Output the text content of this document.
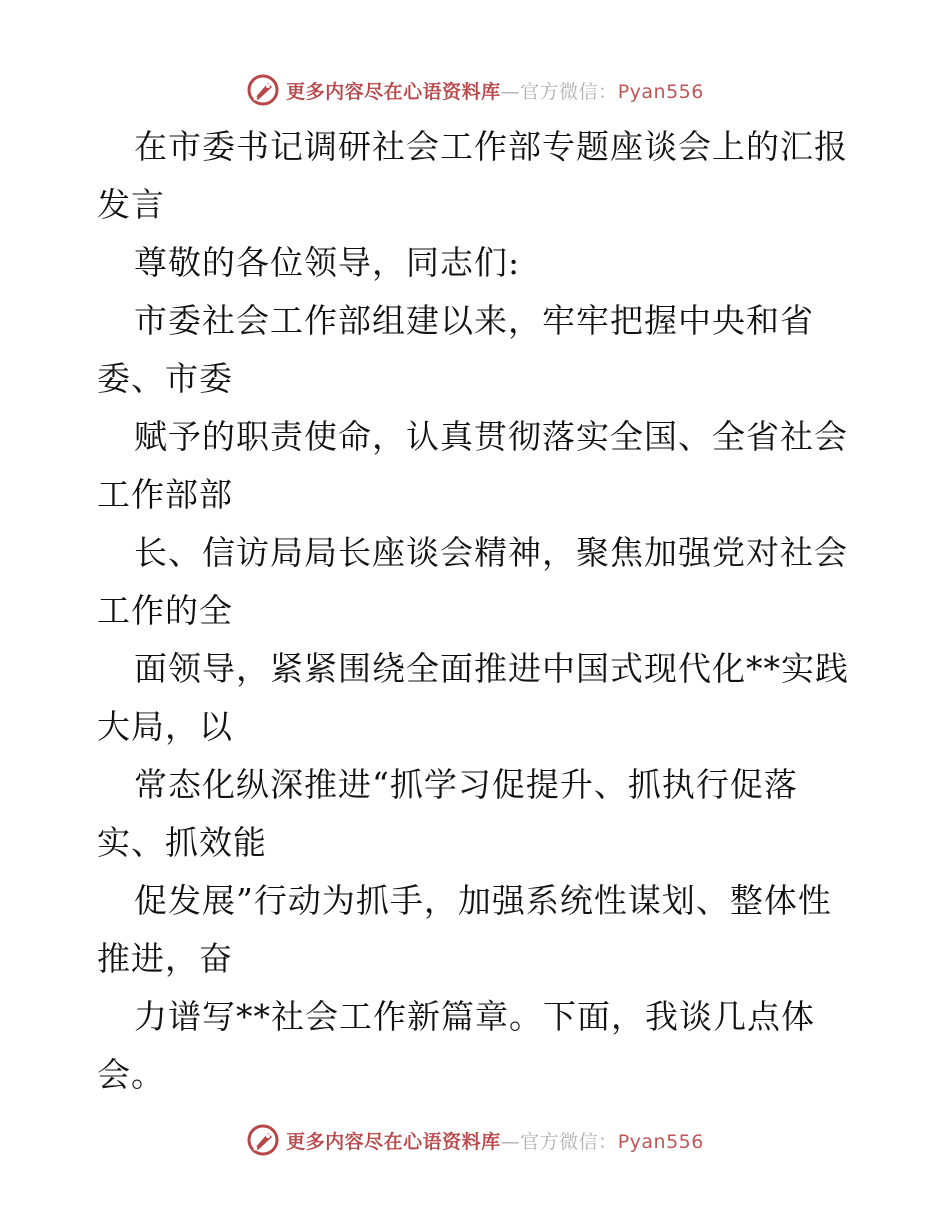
更多内容尽在心语资料库—官方微信：Pyan556
在市委书记调研社会工作部专题座谈会上的汇报
发言
尊敬的各位领导，同志们:
市委社会工作部组建以来，牢牢把握中央和省
委、市委
赋予的职责使命，认真贯彻落实全国、全省社会
工作部部
长、信访局局长座谈会精神，聚焦加强党对社会
工作的全
面领导，紧紧围绕全面推进中国式现代化**实践
大局，以
常态化纵深推进“抓学习促提升、抓执行促落
实、抓效能
促发展”行动为抓手，加强系统性谋划、整体性
推进，奋
力谱写**社会工作新篇章。下面，我谈几点体
会。
更多内容尽在心语资料库—官方微信：Pyan556
